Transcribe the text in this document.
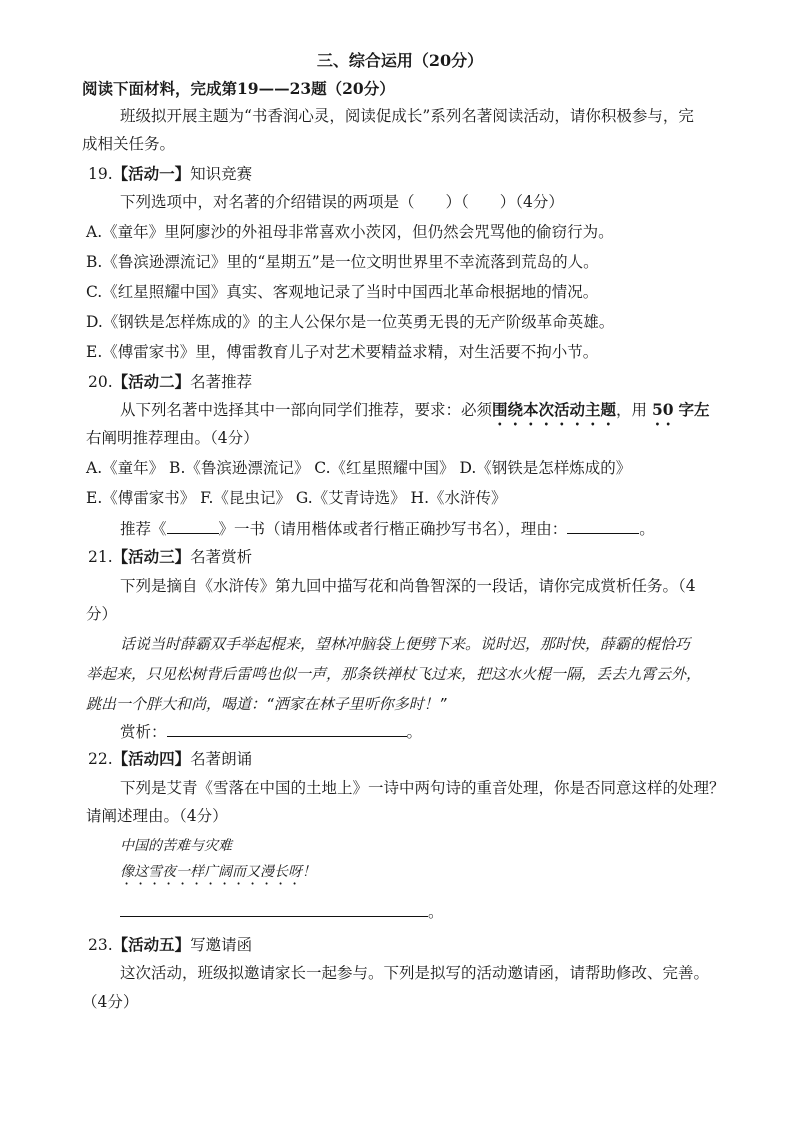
三、综合运用（20分）
阅读下面材料，完成第19——23题（20分）
班级拟开展主题为“书香润心灵，阅读促成长”系列名著阅读活动，请你积极参与，完
成相关任务。
19.【活动一】知识竞赛
下列选项中，对名著的介绍错误的两项是（　　）（　　）（4分）
A.《童年》里阿廖沙的外祖母非常喜欢小茨冈，但仍然会咒骂他的偷窃行为。
B.《鲁滨逊漂流记》里的“星期五”是一位文明世界里不幸流落到荒岛的人。
C.《红星照耀中国》真实、客观地记录了当时中国西北革命根据地的情况。
D.《钢铁是怎样炼成的》的主人公保尔是一位英勇无畏的无产阶级革命英雄。
E.《傅雷家书》里，傅雷教育儿子对艺术要精益求精，对生活要不拘小节。
20.【活动二】名著推荐
从下列名著中选择其中一部向同学们推荐，要求：必须围绕本次活动主题，用 50 字左
右阐明推荐理由。（4分）
A.《童年》 B.《鲁滨逊漂流记》 C.《红星照耀中国》 D.《钢铁是怎样炼成的》
E.《傅雷家书》 F.《昆虫记》 G.《艾青诗选》 H.《水浒传》
推荐《	》一书（请用楷体或者行楷正确抄写书名），理由：	。
21.【活动三】名著赏析
下列是摘自《水浒传》第九回中描写花和尚鲁智深的一段话，请你完成赏析任务。（4
分）
话说当时薛霸双手举起棍来，望林冲脑袋上便劈下来。说时迟，那时快，薛霸的棍恰巧
举起来，只见松树背后雷鸣也似一声，那条铁禅杖飞过来，把这水火棍一隔，丢去九霄云外，
跳出一个胖大和尚，喝道：“洒家在林子里听你多时！”
赏析：	。
22.【活动四】名著朗诵
下列是艾青《雪落在中国的土地上》一诗中两句诗的重音处理，你是否同意这样的处理？
请阐述理由。（4分）
中国的苦难与灾难
像这雪夜一样广阔而又漫长呀！
。
23.【活动五】写邀请函
这次活动，班级拟邀请家长一起参与。下列是拟写的活动邀请函，请帮助修改、完善。
（4分）
